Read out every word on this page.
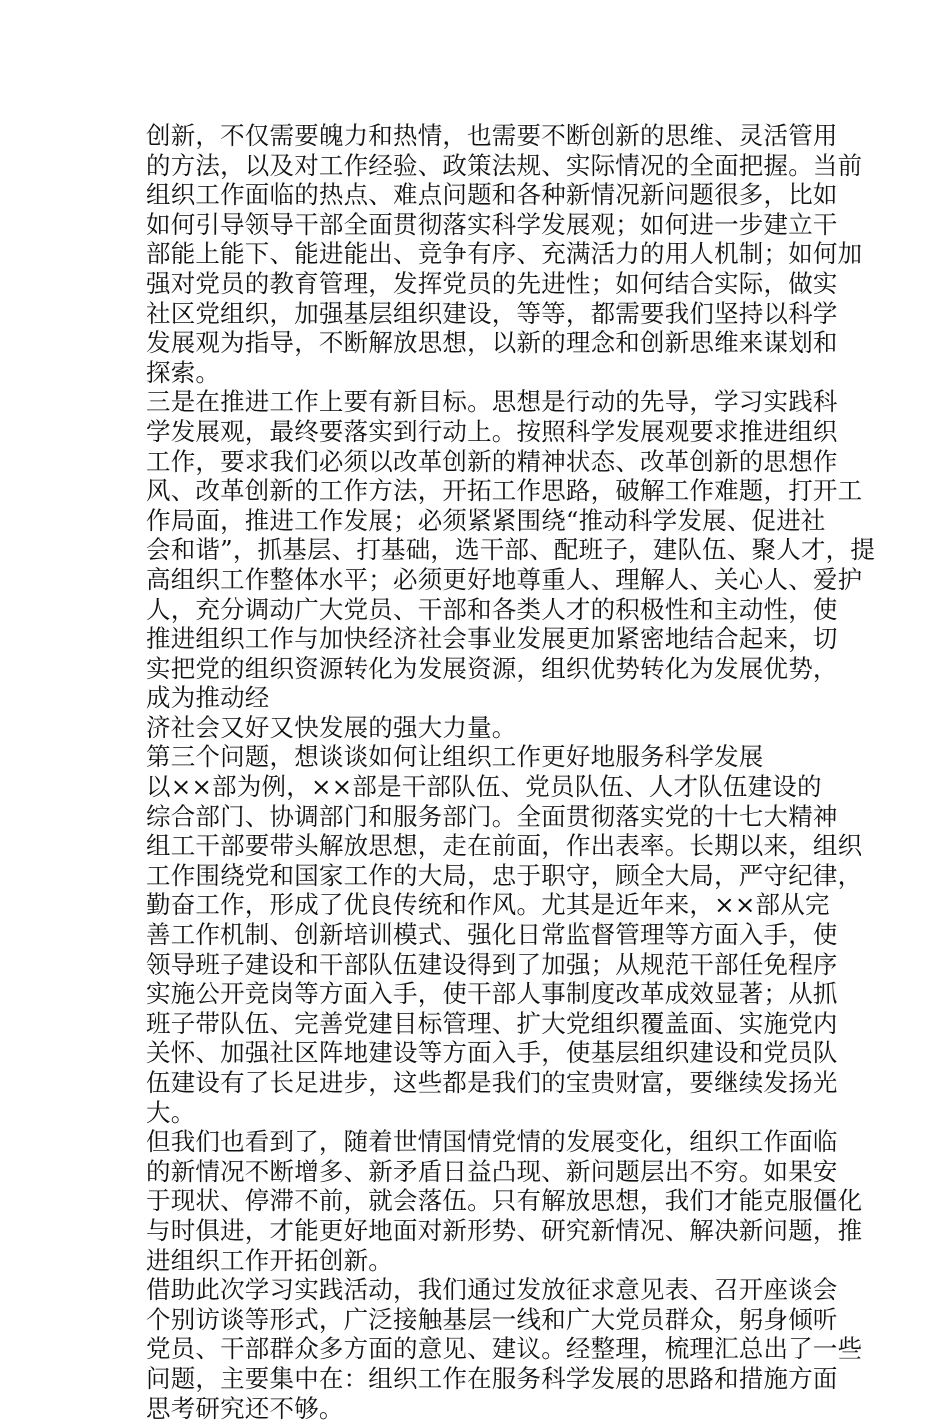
创新，不仅需要魄力和热情，也需要不断创新的思维、灵活管用
的方法，以及对工作经验、政策法规、实际情况的全面把握。当前
组织工作面临的热点、难点问题和各种新情况新问题很多，比如
如何引导领导干部全面贯彻落实科学发展观；如何进一步建立干
部能上能下、能进能出、竞争有序、充满活力的用人机制；如何加
强对党员的教育管理，发挥党员的先进性；如何结合实际，做实
社区党组织，加强基层组织建设，等等，都需要我们坚持以科学
发展观为指导，不断解放思想，以新的理念和创新思维来谋划和
探索。
三是在推进工作上要有新目标。思想是行动的先导，学习实践科
学发展观，最终要落实到行动上。按照科学发展观要求推进组织
工作，要求我们必须以改革创新的精神状态、改革创新的思想作
风、改革创新的工作方法，开拓工作思路，破解工作难题，打开工
作局面，推进工作发展；必须紧紧围绕“推动科学发展、促进社
会和谐”，抓基层、打基础，选干部、配班子，建队伍、聚人才，提
高组织工作整体水平；必须更好地尊重人、理解人、关心人、爱护
人，充分调动广大党员、干部和各类人才的积极性和主动性，使
推进组织工作与加快经济社会事业发展更加紧密地结合起来，切
实把党的组织资源转化为发展资源，组织优势转化为发展优势，
成为推动经
济社会又好又快发展的强大力量。
第三个问题，想谈谈如何让组织工作更好地服务科学发展
以××部为例，××部是干部队伍、党员队伍、人才队伍建设的
综合部门、协调部门和服务部门。全面贯彻落实党的十七大精神
组工干部要带头解放思想，走在前面，作出表率。长期以来，组织
工作围绕党和国家工作的大局，忠于职守，顾全大局，严守纪律，
勤奋工作，形成了优良传统和作风。尤其是近年来，××部从完
善工作机制、创新培训模式、强化日常监督管理等方面入手，使
领导班子建设和干部队伍建设得到了加强；从规范干部任免程序
实施公开竞岗等方面入手，使干部人事制度改革成效显著；从抓
班子带队伍、完善党建目标管理、扩大党组织覆盖面、实施党内
关怀、加强社区阵地建设等方面入手，使基层组织建设和党员队
伍建设有了长足进步，这些都是我们的宝贵财富，要继续发扬光
大。
但我们也看到了，随着世情国情党情的发展变化，组织工作面临
的新情况不断增多、新矛盾日益凸现、新问题层出不穷。如果安
于现状、停滞不前，就会落伍。只有解放思想，我们才能克服僵化
与时俱进，才能更好地面对新形势、研究新情况、解决新问题，推
进组织工作开拓创新。
借助此次学习实践活动，我们通过发放征求意见表、召开座谈会
个别访谈等形式，广泛接触基层一线和广大党员群众，躬身倾听
党员、干部群众多方面的意见、建议。经整理，梳理汇总出了一些
问题，主要集中在：组织工作在服务科学发展的思路和措施方面
思考研究还不够。
